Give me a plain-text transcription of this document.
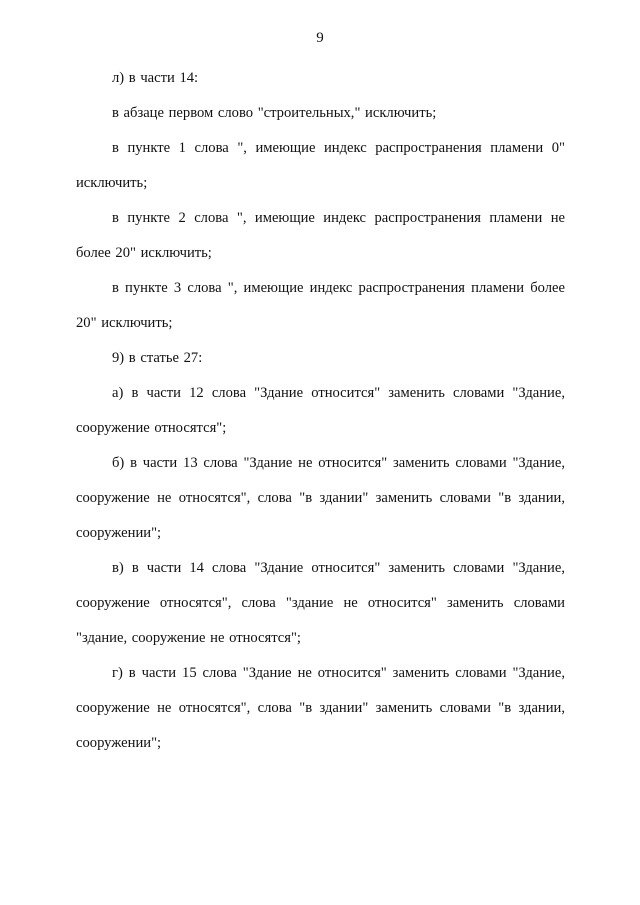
9

л) в части 14:

в абзаце первом слово "строительных," исключить;

в пункте 1 слова ", имеющие индекс распространения пламени 0" исключить;

в пункте 2 слова ", имеющие индекс распространения пламени не более 20" исключить;

в пункте 3 слова ", имеющие индекс распространения пламени более 20" исключить;

9) в статье 27:

а) в части 12 слова "Здание относится" заменить словами "Здание, сооружение относятся";

б) в части 13 слова "Здание не относится" заменить словами "Здание, сооружение не относятся", слова "в здании" заменить словами "в здании, сооружении";

в) в части 14 слова "Здание относится" заменить словами "Здание, сооружение относятся", слова "здание не относится" заменить словами "здание, сооружение не относятся";

г) в части 15 слова "Здание не относится" заменить словами "Здание, сооружение не относятся", слова "в здании" заменить словами "в здании, сооружении";
